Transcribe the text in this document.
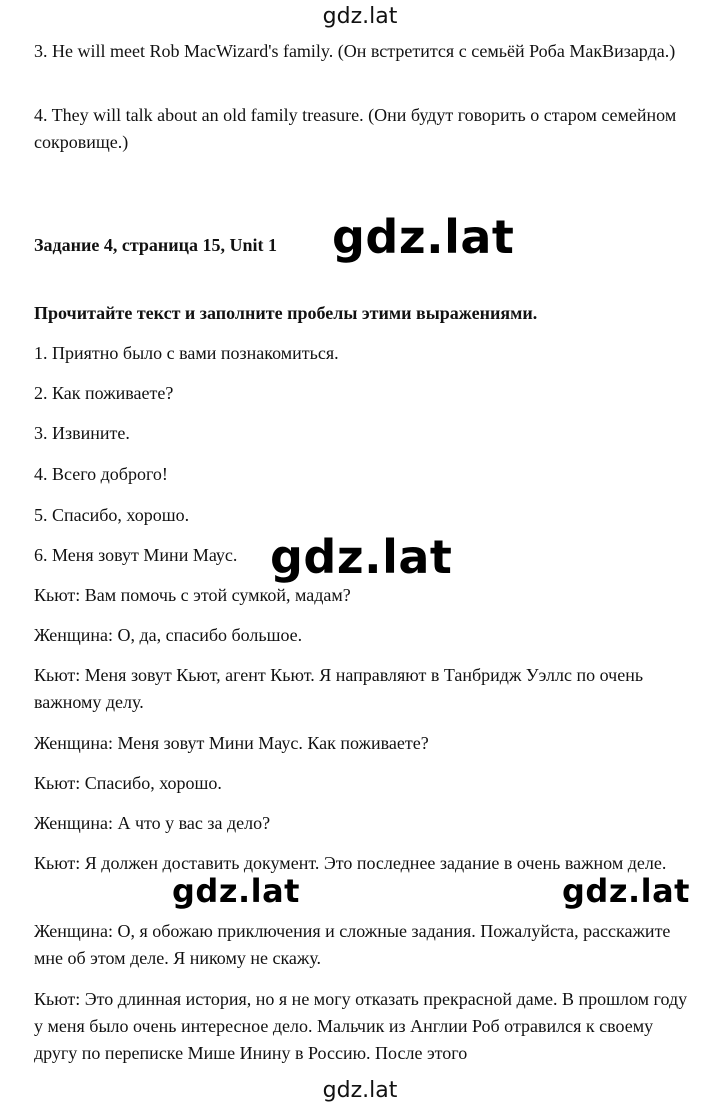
gdz.lat

3. He will meet Rob MacWizard's family. (Он встретится с семьёй Роба МакВизарда.)

4. They will talk about an old family treasure. (Они будут говорить о старом семейном сокровище.)

Задание 4, страница 15, Unit 1	gdz.lat

Прочитайте текст и заполните пробелы этими выражениями.

1. Приятно было с вами познакомиться.

2. Как поживаете?

3. Извините.

4. Всего доброго!

5. Спасибо, хорошо.

6. Меня зовут Мини Маус. gdz.lat

Кьют: Вам помочь с этой сумкой, мадам?

Женщина: О, да, спасибо большое.

Кьют: Меня зовут Кьют, агент Кьют. Я направляют в Танбридж Уэллс по очень важному делу.

Женщина: Меня зовут Мини Маус. Как поживаете?

Кьют: Спасибо, хорошо.

Женщина: А что у вас за дело?

Кьют: Я должен доставить документ. Это последнее задание в очень важном деле.

gdz.lat	gdz.lat

Женщина: О, я обожаю приключения и сложные задания. Пожалуйста, расскажите мне об этом деле. Я никому не скажу.

Кьют: Это длинная история, но я не могу отказать прекрасной даме. В прошлом году у меня было очень интересное дело. Мальчик из Англии Роб отравился к своему другу по переписке Мише Инину в Россию. После этого

gdz.lat
